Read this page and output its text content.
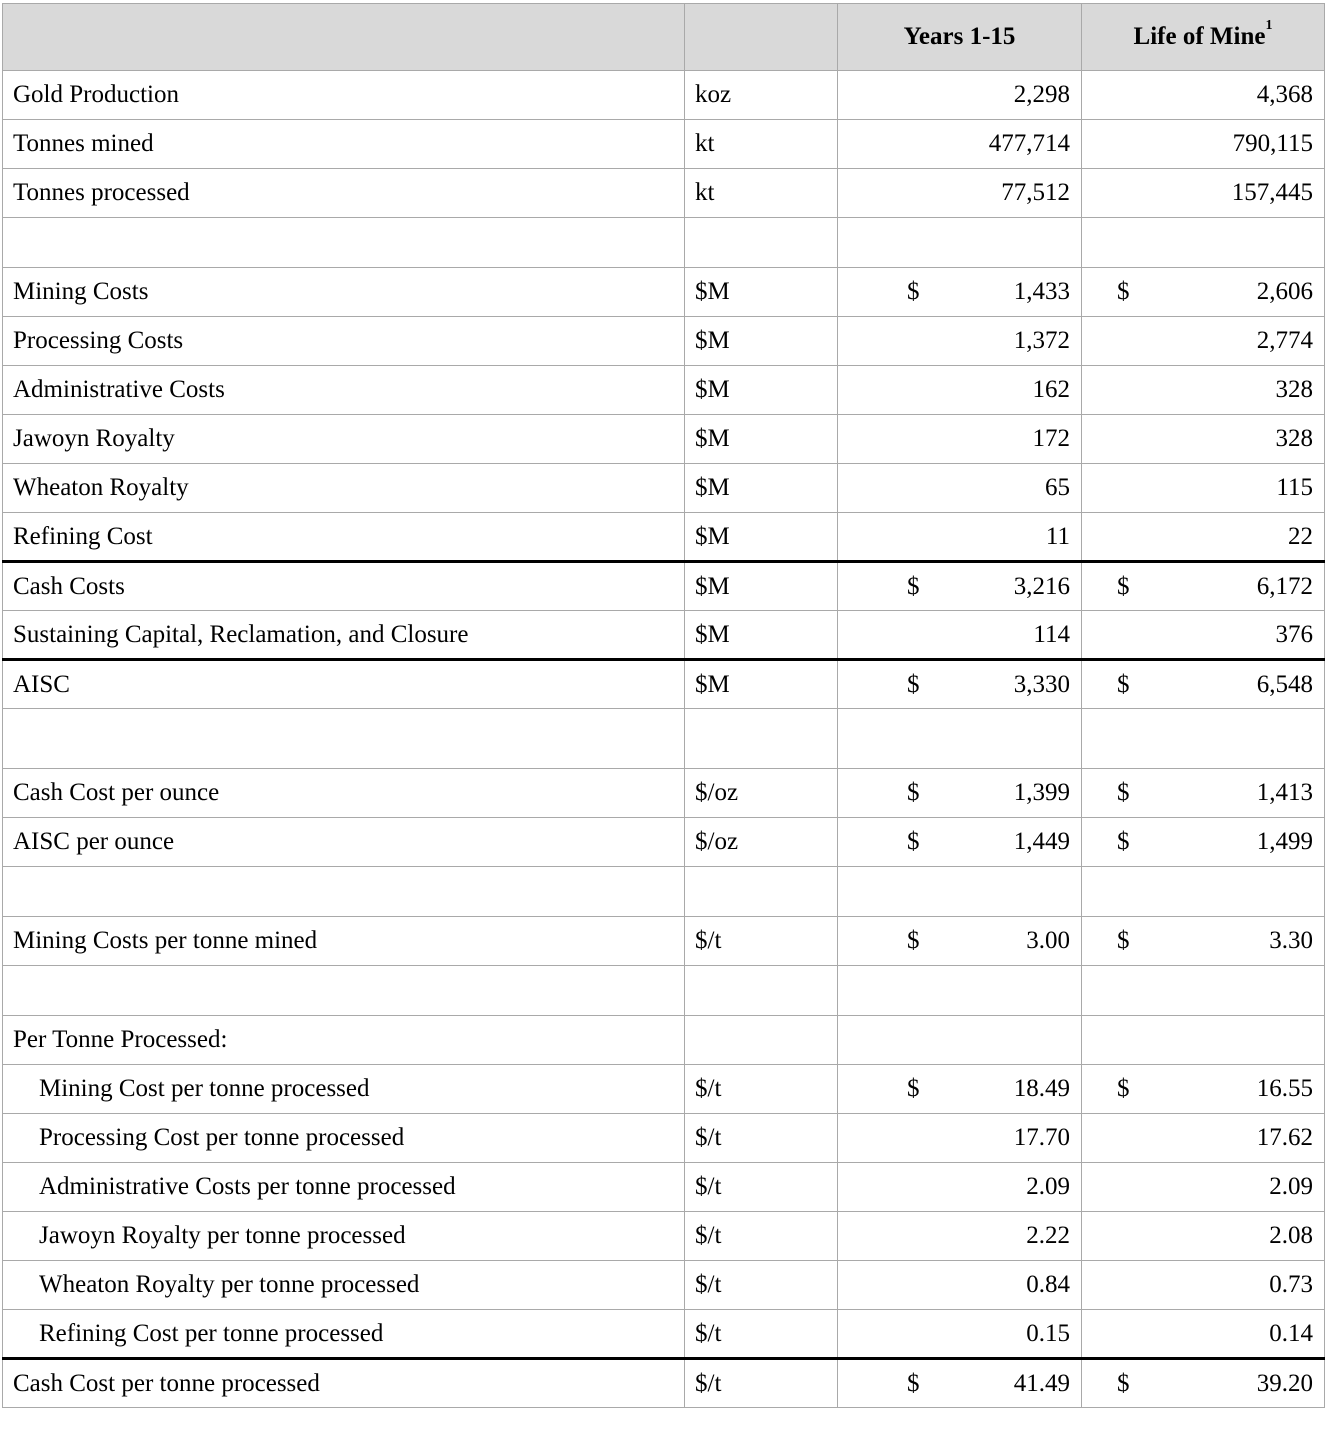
		Years 1-15	Life of Mine$^1$
Gold Production	koz	2,298	4,368

Tonnes mined	kt	477,714	790,115

Tonnes processed	kt	77,512	157,445

Mining Costs	$M	$ 1,433	$ 2,606

Processing Costs	$M	1,372	2,774

Administrative Costs	$M	162	328

Jawoyn Royalty	$M	172	328

Wheaton Royalty	$M	65	115

Refining Cost	$M	11	22

Cash Costs	$M	$ 3,216	$ 6,172

Sustaining Capital, Reclamation, and Closure	$M	114	376

AISC	$M	$ 3,330	$ 6,548

Cash Cost per ounce	$/oz	$ 1,399	$ 1,413

AISC per ounce	$/oz	$ 1,449	$ 1,499

Mining Costs per tonne mined	$/t	$ 3.00	$ 3.30

Per Tonne Processed:		

Mining Cost per tonne processed	$/t	$ 18.49	$ 16.55

Processing Cost per tonne processed	$/t	17.70	17.62

Administrative Costs per tonne processed	$/t	2.09	2.09

Jawoyn Royalty per tonne processed	$/t	2.22	2.08

Wheaton Royalty per tonne processed	$/t	0.84	0.73

Refining Cost per tonne processed	$/t	0.15	0.14

Cash Cost per tonne processed	$/t	$ 41.49	$ 39.20
